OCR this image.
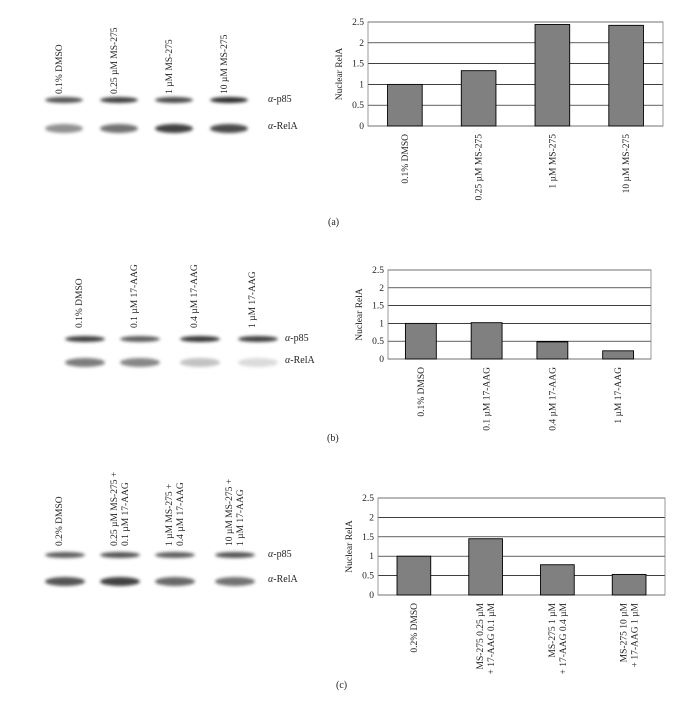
0.1% DMSO	0.25 µM MS-275	1 µM MS-275	10 µM MS-275
α-p85
α-RelA	0
0.5
1
1.5
2
2.5
Nuclear RelA
0.1% DMSO	0.25 µM MS-275	1 µM MS-275	10 µM MS-275
(a)
0.1% DMSO	0.1 µM 17-AAG	0.4 µM 17-AAG	1 µM 17-AAG
α-p85
α-RelA	0
0.5
1
1.5
2
2.5
Nuclear RelA
0.1% DMSO	0.1 µM 17-AAG	0.4 µM 17-AAG	1 µM 17-AAG
(b)
0.2% DMSO	0.25 µM MS-275 + 0.1 µM 17-AAG	1 µM MS-275 + 0.4 µM 17-AAG	10 µM MS-275 + 1 µM 17-AAG
α-p85
α-RelA
0
0.5
1
1.5
2
2.5
Nuclear RelA
0.2% DMSO	MS-275 0.25 µM + 17-AAG 0.1 µM	MS-275 1 µM + 17-AAG 0.4 µM	MS-275 10 µM + 17-AAG 1 µM
(c)
